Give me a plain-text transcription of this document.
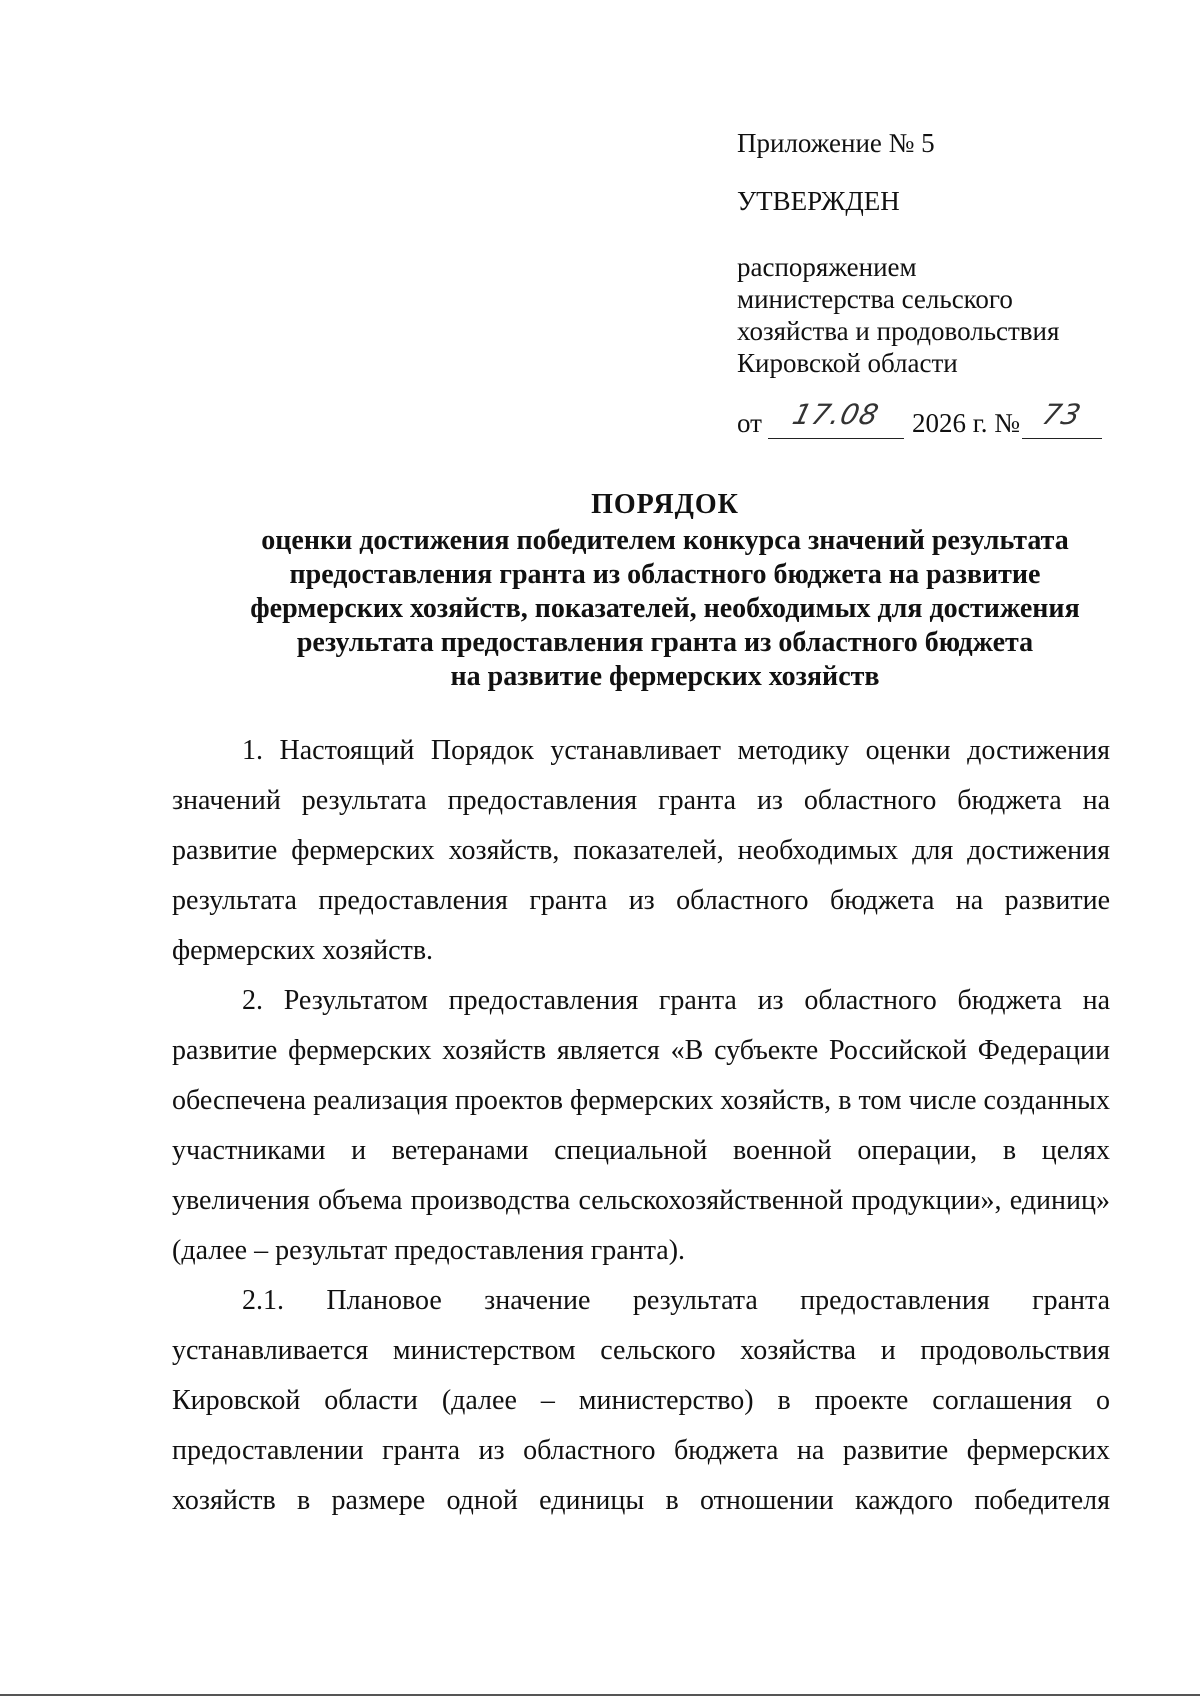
Приложение № 5
УТВЕРЖДЕН
распоряжением
министерства сельского
хозяйства и продовольствия
Кировской области
от 17.08 2026 г. № 73
ПОРЯДОК
оценки достижения победителем конкурса значений результата
предоставления гранта из областного бюджета на развитие
фермерских хозяйств, показателей, необходимых для достижения
результата предоставления гранта из областного бюджета
на развитие фермерских хозяйств

1. Настоящий Порядок устанавливает методику оценки достижения значений результата предоставления гранта из областного бюджета на развитие фермерских хозяйств, показателей, необходимых для достижения результата предоставления гранта из областного бюджета на развитие фермерских хозяйств.

2. Результатом предоставления гранта из областного бюджета на развитие фермерских хозяйств является «В субъекте Российской Федерации обеспечена реализация проектов фермерских хозяйств, в том числе созданных участниками и ветеранами специальной военной операции, в целях увеличения объема производства сельскохозяйственной продукции», единиц» (далее – результат предоставления гранта).

2.1. Плановое значение результата предоставления гранта устанавливается министерством сельского хозяйства и продовольствия Кировской области (далее – министерство) в проекте соглашения о предоставлении гранта из областного бюджета на развитие фермерских хозяйств в размере одной единицы в отношении каждого победителя
